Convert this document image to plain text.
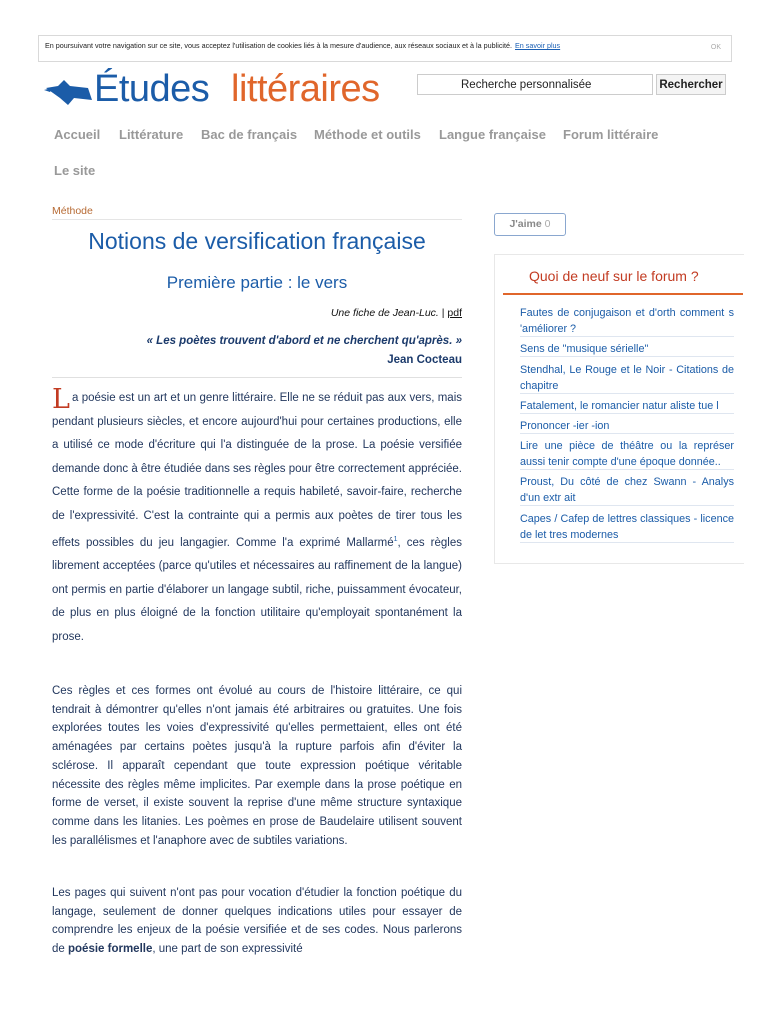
En poursuivant votre navigation sur ce site, vous acceptez l'utilisation de cookies liés à la mesure d'audience, aux réseaux sociaux et à la publicité. En savoir plus	OK
Études littéraires
Recherche personnalisée	Rechercher
Accueil Littérature Bac de français Méthode et outils Langue française Forum littéraire
Le site
Méthode
Notions de versification française
Première partie : le vers
Une fiche de Jean-Luc. | pdf
« Les poètes trouvent d'abord et ne cherchent qu'après. »
Jean Cocteau
L a poésie est un art et un genre littéraire. Elle ne se réduit pas aux vers, mais pendant plusieurs siècles, et encore aujourd'hui pour certaines productions, elle a utilisé ce mode d'écriture qui l'a distinguée de la prose. La poésie versifiée demande donc à être étudiée dans ses règles pour être correctement appréciée. Cette forme de la poésie traditionnelle a requis habileté, savoir-faire, recherche de l'expressivité. C'est la contrainte qui a permis aux poètes de tirer tous les effets possibles du jeu langagier. Comme l'a exprimé Mallarmé$^1$, ces règles librement acceptées (parce qu'utiles et nécessaires au raffinement de la langue) ont permis en partie d'élaborer un langage subtil, riche, puissamment évocateur, de plus en plus éloigné de la fonction utilitaire qu'employait spontanément la prose.

Ces règles et ces formes ont évolué au cours de l'histoire littéraire, ce qui tendrait à démontrer qu'elles n'ont jamais été arbitraires ou gratuites. Une fois explorées toutes les voies d'expressivité qu'elles permettaient, elles ont été aménagées par certains poètes jusqu'à la rupture parfois afin d'éviter la sclérose. Il apparaît cependant que toute expression poétique véritable nécessite des règles même implicites. Par exemple dans la prose poétique en forme de verset, il existe souvent la reprise d'une même structure syntaxique comme dans les litanies. Les poèmes en prose de Baudelaire utilisent souvent les parallélismes et l'anaphore avec de subtiles variations.

Les pages qui suivent n'ont pas pour vocation d'étudier la fonction poétique du langage, seulement de donner quelques indications utiles pour essayer de comprendre les enjeux de la poésie versifiée et de ses codes. Nous parlerons de poésie formelle, une part de son expressivité

J'aime 0
Quoi de neuf sur le forum ?
Fautes de conjugaison et d'orth comment s 'améliorer ?
Sens de "musique sérielle"
Stendhal, Le Rouge et le Noir - Citations de chapitre
Fatalement, le romancier natur aliste tue l
Prononcer -ier -ion
Lire une pièce de théâtre ou la représer aussi tenir compte d'une époque donnée..
Proust, Du côté de chez Swann - Analys d'un extr ait
Capes / Cafep de lettres classiques - licence de let tres modernes
